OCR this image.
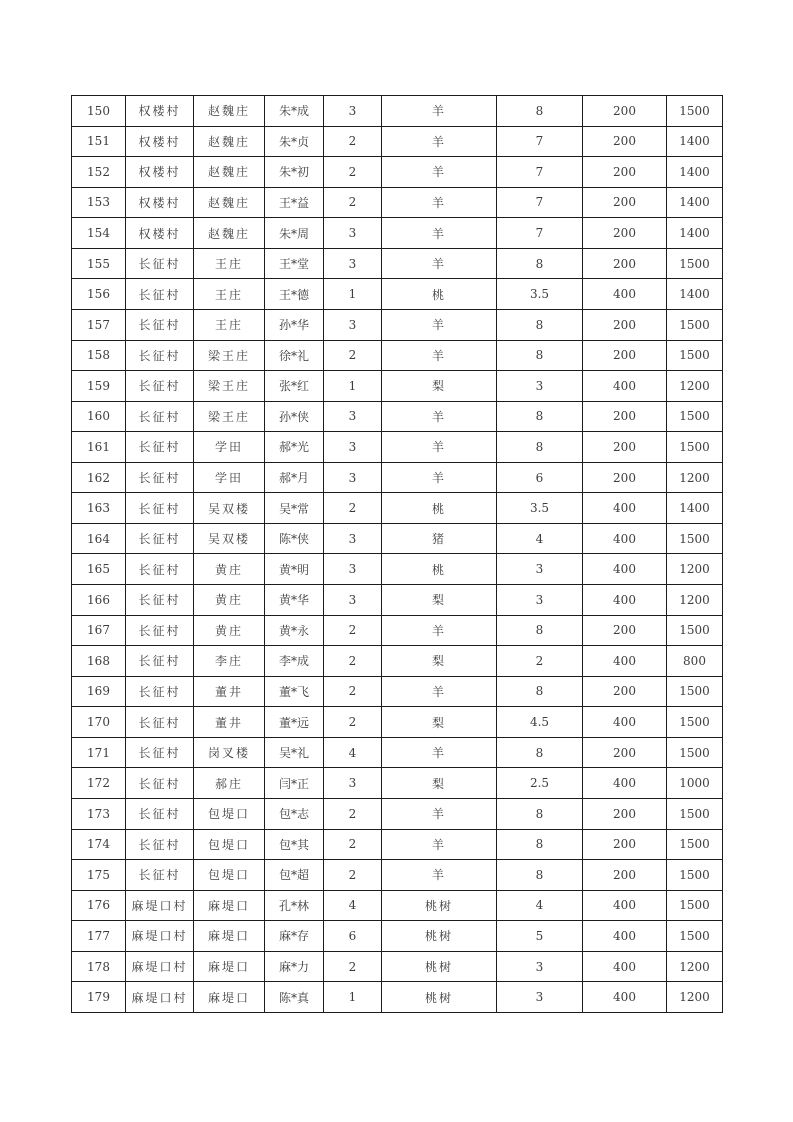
150	权楼村	赵魏庄	朱*成	3	羊	8	200	1500
151	权楼村	赵魏庄	朱*贞	2	羊	7	200	1400
152	权楼村	赵魏庄	朱*初	2	羊	7	200	1400
153	权楼村	赵魏庄	王*益	2	羊	7	200	1400
154	权楼村	赵魏庄	朱*周	3	羊	7	200	1400
155	长征村	王庄	王*堂	3	羊	8	200	1500
156	长征村	王庄	王*德	1	桃	3.5	400	1400
157	长征村	王庄	孙*华	3	羊	8	200	1500
158	长征村	梁王庄	徐*礼	2	羊	8	200	1500
159	长征村	梁王庄	张*红	1	梨	3	400	1200
160	长征村	梁王庄	孙*侠	3	羊	8	200	1500
161	长征村	学田	郝*光	3	羊	8	200	1500
162	长征村	学田	郝*月	3	羊	6	200	1200
163	长征村	吴双楼	吴*常	2	桃	3.5	400	1400
164	长征村	吴双楼	陈*侠	3	猪	4	400	1500
165	长征村	黄庄	黄*明	3	桃	3	400	1200
166	长征村	黄庄	黄*华	3	梨	3	400	1200
167	长征村	黄庄	黄*永	2	羊	8	200	1500
168	长征村	李庄	李*成	2	梨	2	400	800
169	长征村	董井	董*飞	2	羊	8	200	1500
170	长征村	董井	董*远	2	梨	4.5	400	1500
171	长征村	岗叉楼	吴*礼	4	羊	8	200	1500
172	长征村	郝庄	闫*正	3	梨	2.5	400	1000
173	长征村	包堤口	包*志	2	羊	8	200	1500
174	长征村	包堤口	包*其	2	羊	8	200	1500
175	长征村	包堤口	包*超	2	羊	8	200	1500
176	麻堤口村	麻堤口	孔*林	4	桃树	4	400	1500
177	麻堤口村	麻堤口	麻*存	6	桃树	5	400	1500
178	麻堤口村	麻堤口	麻*力	2	桃树	3	400	1200
179	麻堤口村	麻堤口	陈*真	1	桃树	3	400	1200
